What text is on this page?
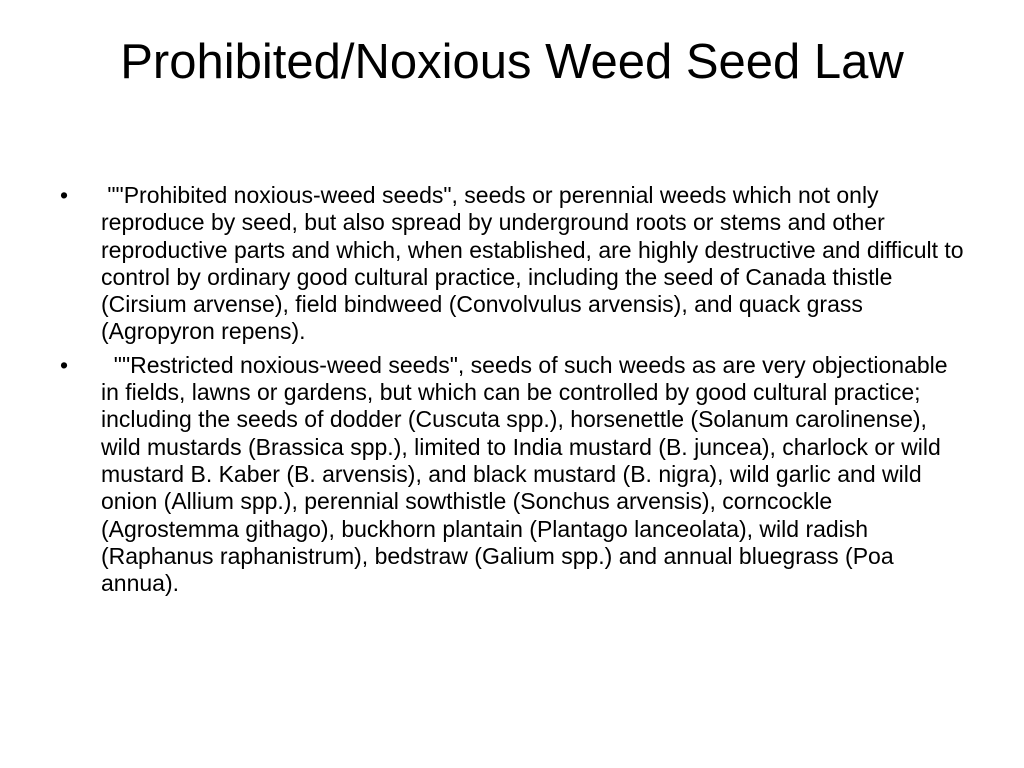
Prohibited/Noxious Weed Seed Law
•	""Prohibited noxious-weed seeds", seeds or perennial weeds which not only reproduce by seed, but also spread by underground roots or stems and other reproductive parts and which, when established, are highly destructive and difficult to control by ordinary good cultural practice, including the seed of Canada thistle (Cirsium arvense), field bindweed (Convolvulus arvensis), and quack grass (Agropyron repens).
•	""Restricted noxious-weed seeds", seeds of such weeds as are very objectionable in fields, lawns or gardens, but which can be controlled by good cultural practice; including the seeds of dodder (Cuscuta spp.), horsenettle (Solanum carolinense), wild mustards (Brassica spp.), limited to India mustard (B. juncea), charlock or wild mustard B. Kaber (B. arvensis), and black mustard (B. nigra), wild garlic and wild onion (Allium spp.), perennial sowthistle (Sonchus arvensis), corncockle (Agrostemma githago), buckhorn plantain (Plantago lanceolata), wild radish (Raphanus raphanistrum), bedstraw (Galium spp.) and annual bluegrass (Poa annua).
